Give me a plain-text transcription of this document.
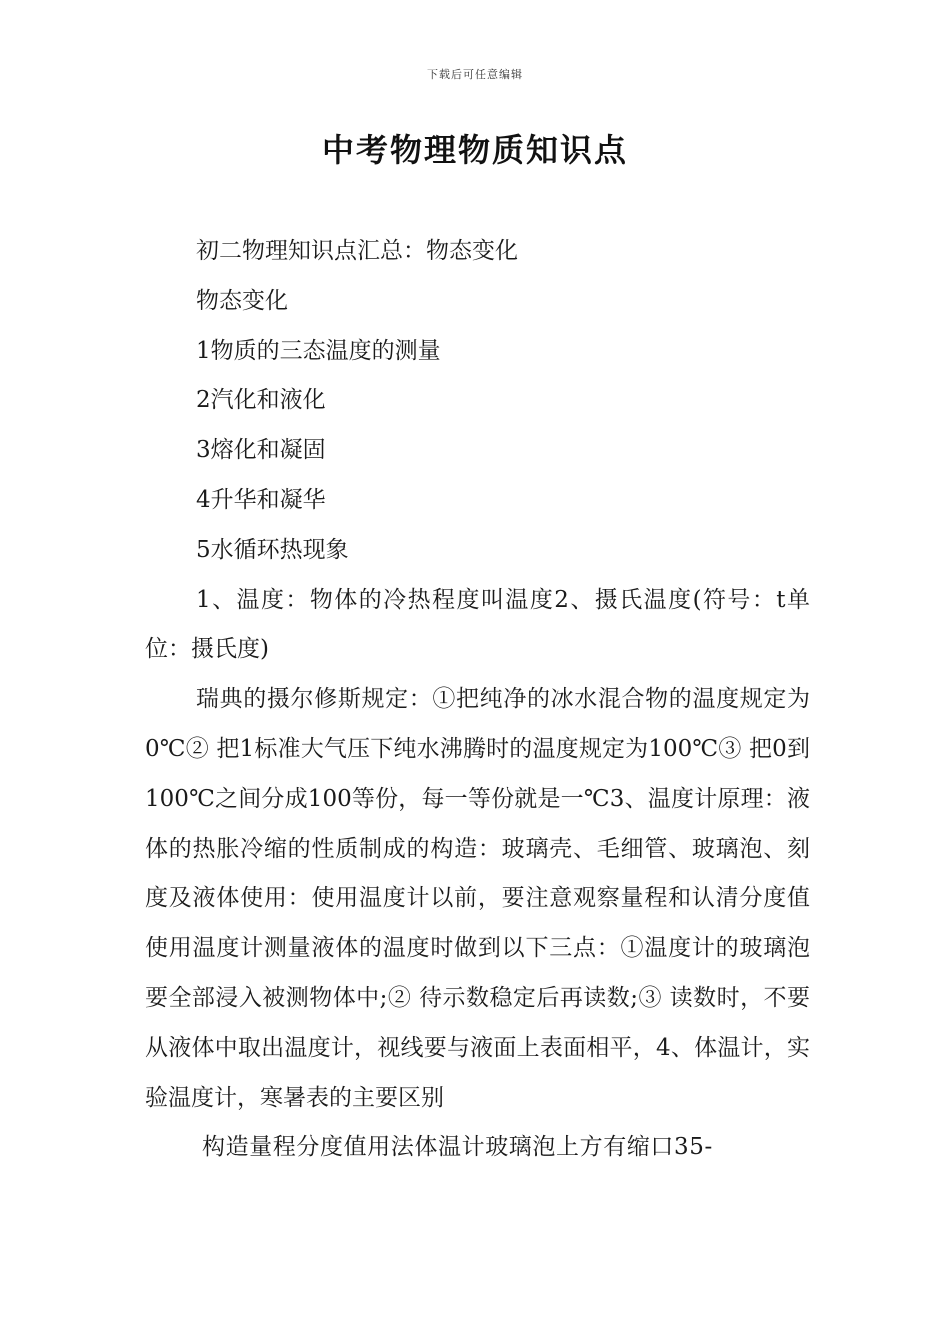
下载后可任意编辑
中考物理物质知识点
初二物理知识点汇总：物态变化
物态变化
1物质的三态温度的测量
2汽化和液化
3熔化和凝固
4升华和凝华
5水循环热现象

1、温度：物体的冷热程度叫温度2、摄氏温度(符号：t单位：摄氏度)

瑞典的摄尔修斯规定：①把纯净的冰水混合物的温度规定为0℃② 把1标准大气压下纯水沸腾时的温度规定为100℃③ 把0到100℃之间分成100等份，每一等份就是一℃3、温度计原理：液体的热胀冷缩的性质制成的构造：玻璃壳、毛细管、玻璃泡、刻度及液体使用：使用温度计以前，要注意观察量程和认清分度值使用温度计测量液体的温度时做到以下三点：①温度计的玻璃泡要全部浸入被测物体中;② 待示数稳定后再读数;③ 读数时，不要从液体中取出温度计，视线要与液面上表面相平，4、体温计，实验温度计，寒暑表的主要区别

构造量程分度值用法体温计玻璃泡上方有缩口35-
